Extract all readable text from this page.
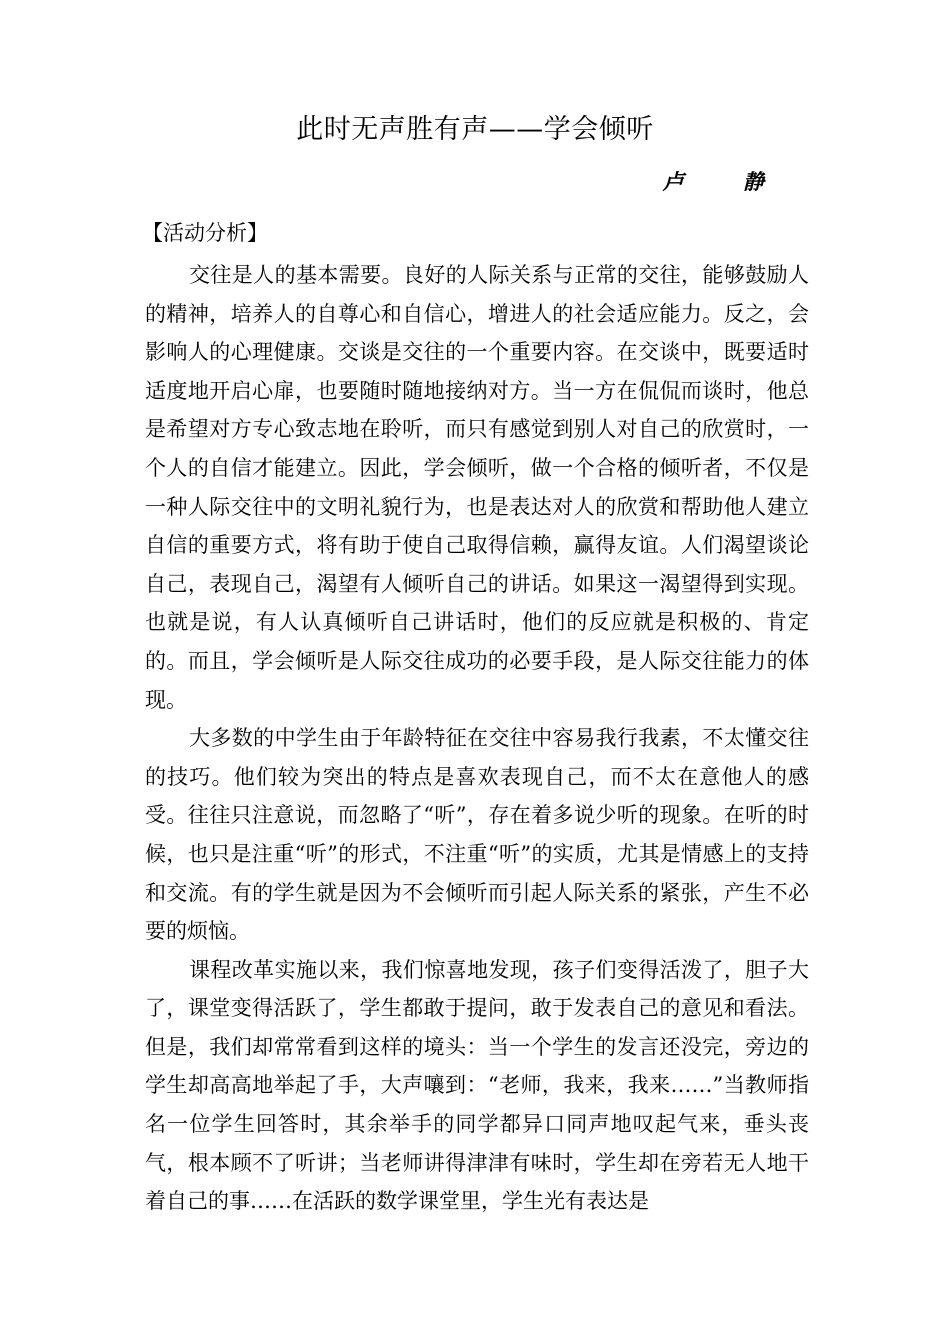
此时无声胜有声——学会倾听
卢 静
【活动分析】

交往是人的基本需要。良好的人际关系与正常的交往，能够鼓励人的精神，培养人的自尊心和自信心，增进人的社会适应能力。反之，会影响人的心理健康。交谈是交往的一个重要内容。在交谈中，既要适时适度地开启心扉，也要随时随地接纳对方。当一方在侃侃而谈时，他总是希望对方专心致志地在聆听，而只有感觉到别人对自己的欣赏时，一个人的自信才能建立。因此，学会倾听，做一个合格的倾听者，不仅是一种人际交往中的文明礼貌行为，也是表达对人的欣赏和帮助他人建立自信的重要方式，将有助于使自己取得信赖，赢得友谊。人们渴望谈论自己，表现自己，渴望有人倾听自己的讲话。如果这一渴望得到实现。也就是说，有人认真倾听自己讲话时，他们的反应就是积极的、肯定的。而且，学会倾听是人际交往成功的必要手段，是人际交往能力的体现。

大多数的中学生由于年龄特征在交往中容易我行我素，不太懂交往的技巧。他们较为突出的特点是喜欢表现自己，而不太在意他人的感受。往往只注意说，而忽略了“听”，存在着多说少听的现象。在听的时候，也只是注重“听”的形式，不注重“听”的实质，尤其是情感上的支持和交流。有的学生就是因为不会倾听而引起人际关系的紧张，产生不必要的烦恼。

课程改革实施以来，我们惊喜地发现，孩子们变得活泼了，胆子大了，课堂变得活跃了，学生都敢于提问，敢于发表自己的意见和看法。但是，我们却常常看到这样的境头：当一个学生的发言还没完，旁边的学生却高高地举起了手，大声嚷到：“老师，我来，我来……”当教师指名一位学生回答时，其余举手的同学都异口同声地叹起气来，垂头丧气，根本顾不了听讲；当老师讲得津津有味时，学生却在旁若无人地干着自己的事……在活跃的数学课堂里，学生光有表达是
